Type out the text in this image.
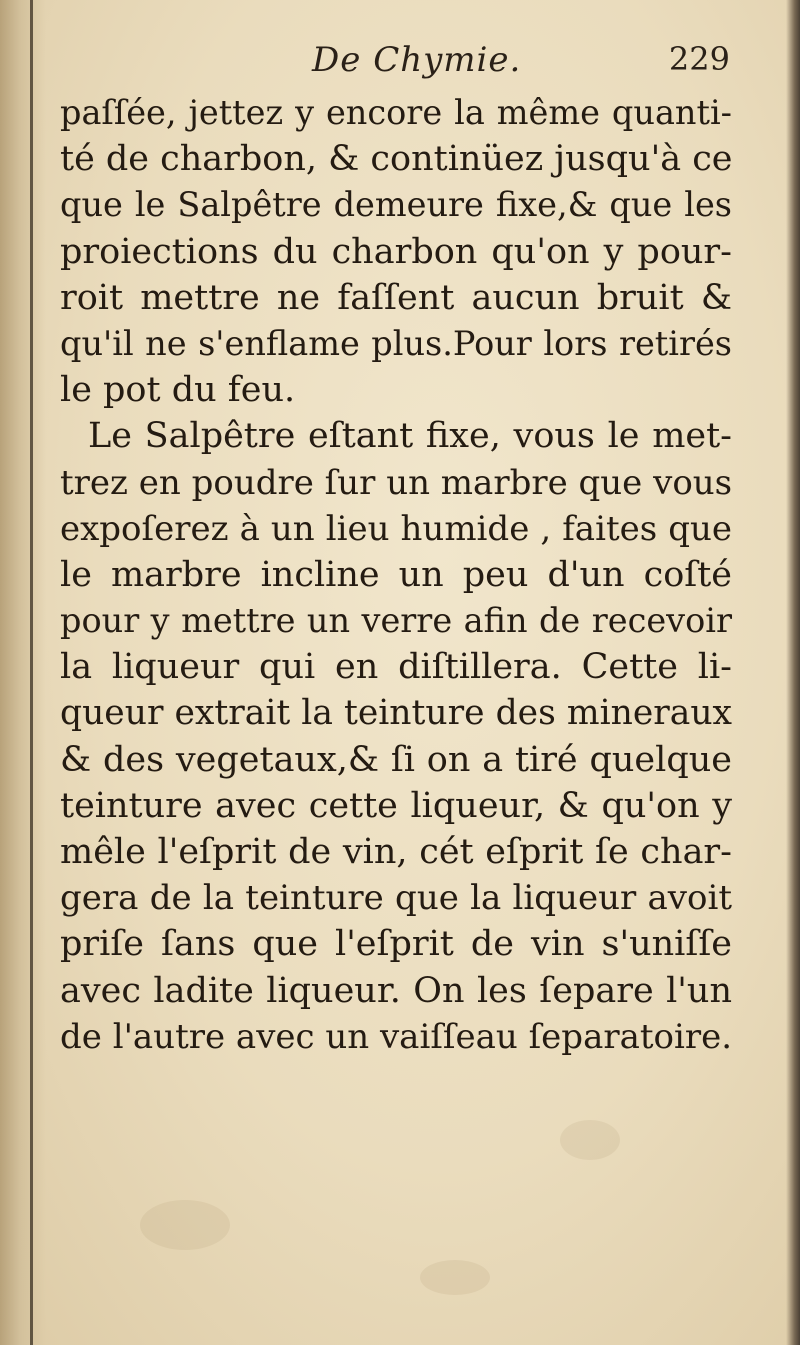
De Chymie.	229
paſſée, jettez y encore la même quanti-
té de charbon, & continüez jusqu'à ce
que le Salpêtre demeure fixe,& que les
proiections du charbon qu'on y pour-
roit mettre ne faſſent aucun bruit &
qu'il ne s'enflame plus.Pour lors retirés
le pot du feu.
Le Salpêtre eſtant fixe, vous le met-
trez en poudre ſur un marbre que vous
expoſerez à un lieu humide , faites que
le marbre incline un peu d'un coſté
pour y mettre un verre afin de recevoir
la liqueur qui en diſtillera. Cette li-
queur extrait la teinture des mineraux
& des vegetaux,& ſi on a tiré quelque
teinture avec cette liqueur, & qu'on y
mêle l'eſprit de vin, cét eſprit ſe char-
gera de la teinture que la liqueur avoit
priſe ſans que l'eſprit de vin s'uniſſe
avec ladite liqueur. On les ſepare l'un
de l'autre avec un vaiſſeau ſeparatoire.
